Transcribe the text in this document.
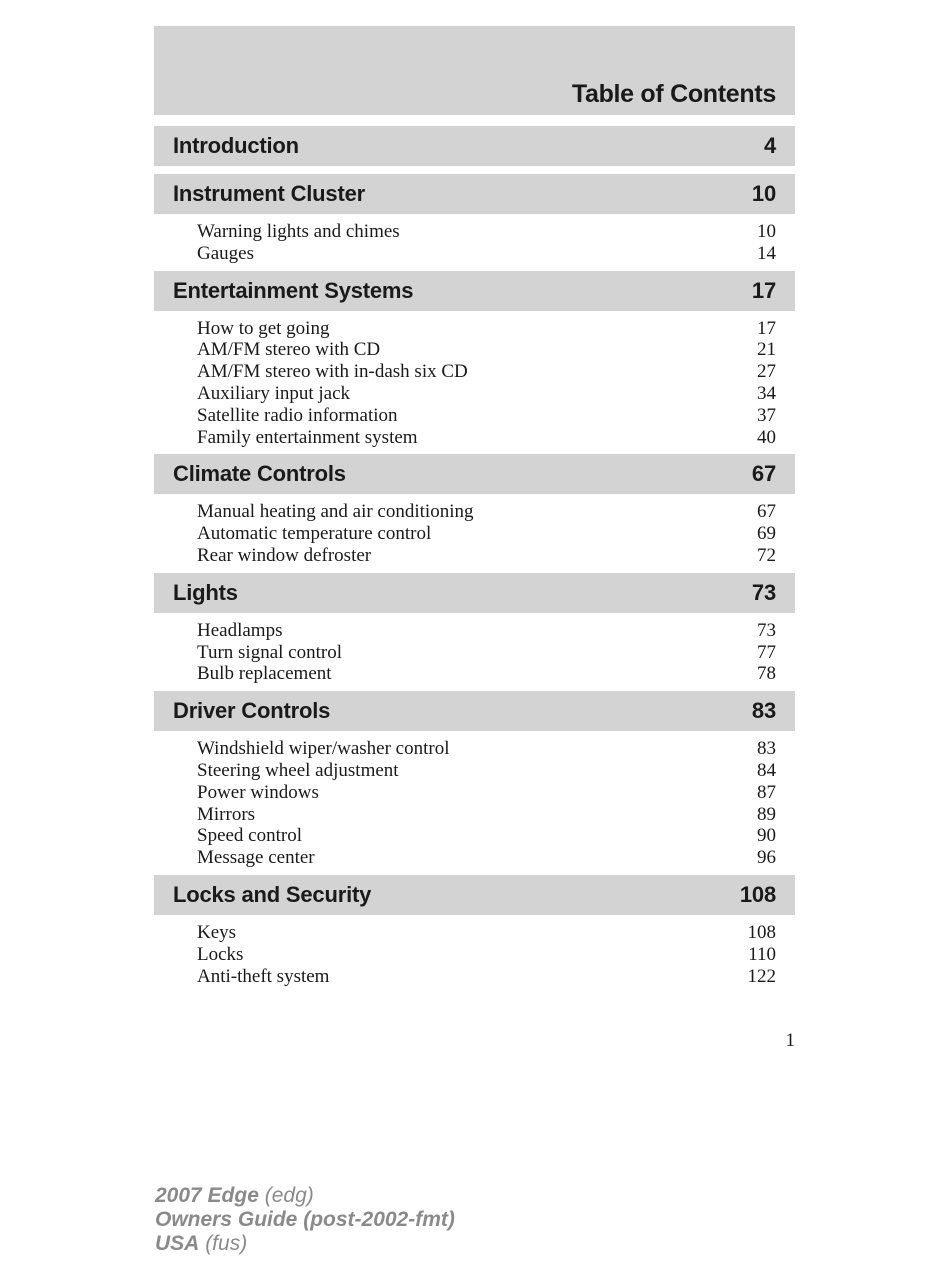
Table of Contents
Introduction	4
Instrument Cluster	10
Warning lights and chimes	10
Gauges	14
Entertainment Systems	17
How to get going	17
AM/FM stereo with CD	21
AM/FM stereo with in-dash six CD	27
Auxiliary input jack	34
Satellite radio information	37
Family entertainment system	40
Climate Controls	67
Manual heating and air conditioning	67
Automatic temperature control	69
Rear window defroster	72
Lights	73
Headlamps	73
Turn signal control	77
Bulb replacement	78
Driver Controls	83
Windshield wiper/washer control	83
Steering wheel adjustment	84
Power windows	87
Mirrors	89
Speed control	90
Message center	96
Locks and Security	108
Keys	108
Locks	110
Anti-theft system	122
1
2007 Edge (edg)
Owners Guide (post-2002-fmt)
USA (fus)
